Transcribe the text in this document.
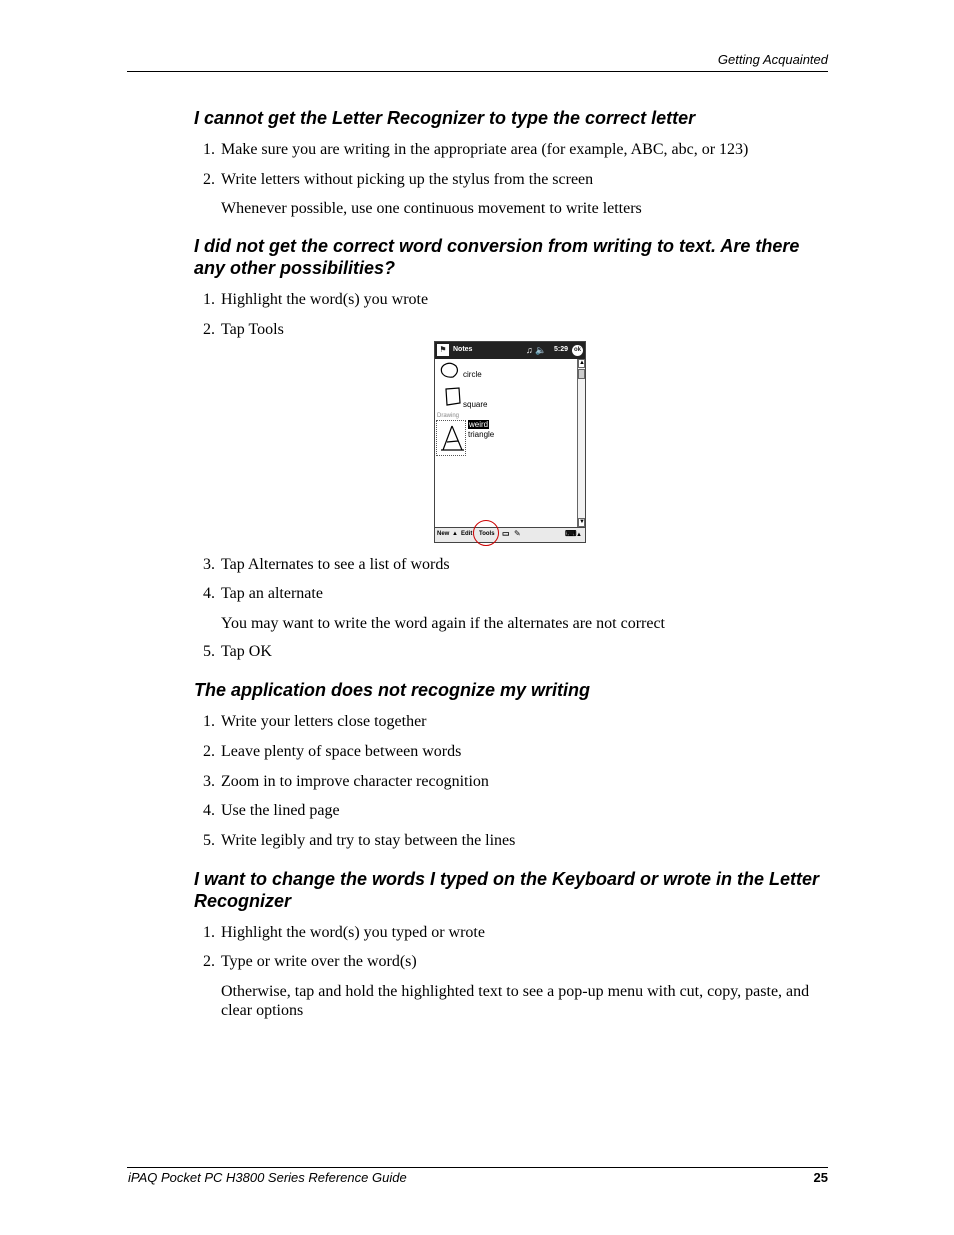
Getting Acquainted
I cannot get the Letter Recognizer to type the correct letter
1. Make sure you are writing in the appropriate area (for example, ABC, abc, or 123)
2. Write letters without picking up the stylus from the screen
Whenever possible, use one continuous movement to write letters
I did not get the correct word conversion from writing to text. Are there any other possibilities?
1. Highlight the word(s) you wrote
2. Tap Tools
⚑ Notes	♫ 🔈 5:29 ok
circle
square
Drawing
weird
triangle
▲
▼
New ▲ Edit Tools ▭ ✎	⌨ ▲
3. Tap Alternates to see a list of words
4. Tap an alternate
You may want to write the word again if the alternates are not correct
5. Tap OK
The application does not recognize my writing
1. Write your letters close together
2. Leave plenty of space between words
3. Zoom in to improve character recognition
4. Use the lined page
5. Write legibly and try to stay between the lines
I want to change the words I typed on the Keyboard or wrote in the Letter Recognizer
1. Highlight the word(s) you typed or wrote
2. Type or write over the word(s)
Otherwise, tap and hold the highlighted text to see a pop-up menu with cut, copy, paste, and clear options
iPAQ Pocket PC H3800 Series Reference Guide	25
